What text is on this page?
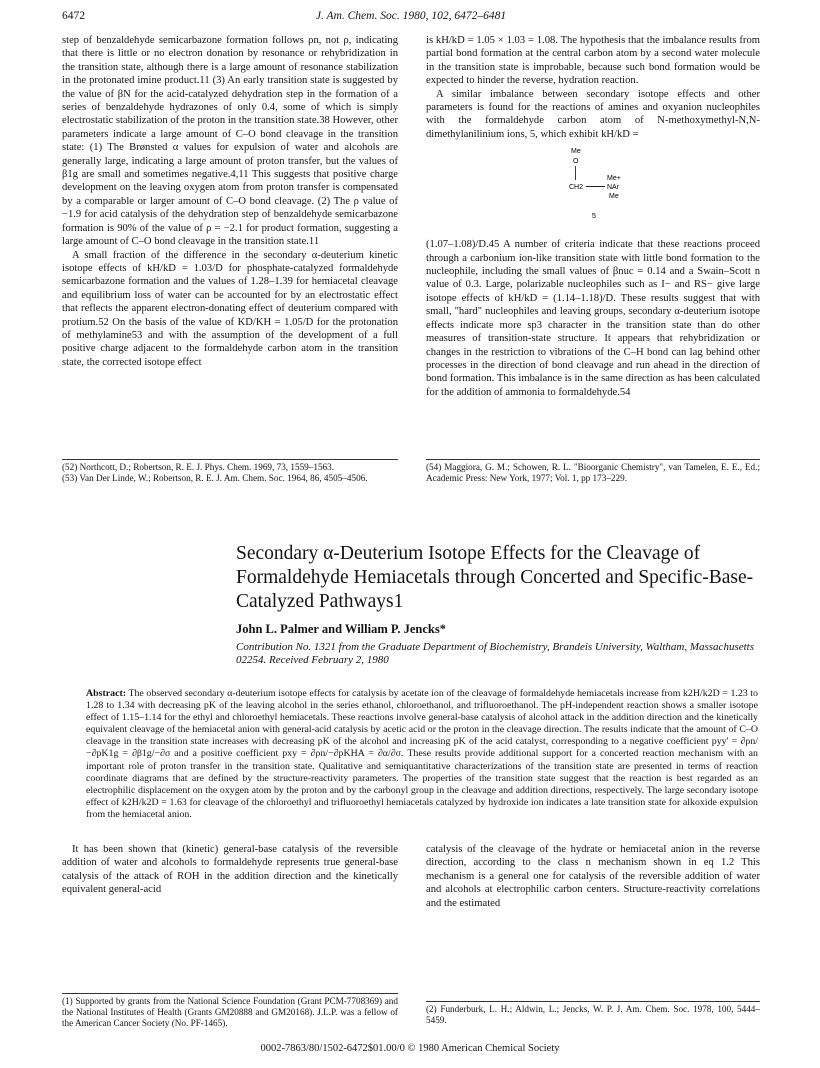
6472	J. Am. Chem. Soc. 1980, 102, 6472–6481

step of benzaldehyde semicarbazone formation follows ρn, not ρ, indicating that there is little or no electron donation by resonance or rehybridization in the transition state, although there is a large amount of resonance stabilization in the protonated imine product.11 (3) An early transition state is suggested by the value of βN for the acid-catalyzed dehydration step in the formation of a series of benzaldehyde hydrazones of only 0.4, some of which is simply electrostatic stabilization of the proton in the transition state.38 However, other parameters indicate a large amount of C–O bond cleavage in the transition state: (1) The Brønsted α values for expulsion of water and alcohols are generally large, indicating a large amount of proton transfer, but the values of β1g are small and sometimes negative.4,11 This suggests that positive charge development on the leaving oxygen atom from proton transfer is compensated by a comparable or larger amount of C–O bond cleavage. (2) The ρ value of −1.9 for acid catalysis of the dehydration step of benzaldehyde semicarbazone formation is 90% of the value of ρ = −2.1 for product formation, suggesting a large amount of C–O bond cleavage in the transition state.11

A small fraction of the difference in the secondary α-deuterium kinetic isotope effects of kH/kD = 1.03/D for phosphate-catalyzed formaldehyde semicarbazone formation and the values of 1.28–1.39 for hemiacetal cleavage and equilibrium loss of water can be accounted for by an electrostatic effect that reflects the apparent electron-donating effect of deuterium compared with protium.52 On the basis of the value of KD/KH = 1.05/D for the protonation of methylamine53 and with the assumption of the development of a full positive charge adjacent to the formaldehyde carbon atom in the transition state, the corrected isotope effect

is kH/kD = 1.05 × 1.03 = 1.08. The hypothesis that the imbalance results from partial bond formation at the central carbon atom by a second water molecule in the transition state is improbable, because such bond formation would be expected to hinder the reverse, hydration reaction.

A similar imbalance between secondary isotope effects and other parameters is found for the reactions of amines and oxyanion nucleophiles with the formaldehyde carbon atom of N-methoxymethyl-N,N-dimethylanilinium ions, 5, which exhibit kH/kD =

Me
O
CH2
Me+
NAr
Me
5

(1.07–1.08)/D.45 A number of criteria indicate that these reactions proceed through a carbonium ion-like transition state with little bond formation to the nucleophile, including the small values of βnuc = 0.14 and a Swain–Scott n value of 0.3. Large, polarizable nucleophiles such as I− and RS− give large isotope effects of kH/kD = (1.14–1.18)/D. These results suggest that with small, "hard" nucleophiles and leaving groups, secondary α-deuterium isotope effects indicate more sp3 character in the transition state than do other measures of transition-state structure. It appears that rehybridization or changes in the restriction to vibrations of the C–H bond can lag behind other processes in the direction of bond cleavage and run ahead in the direction of bond formation. This imbalance is in the same direction as has been calculated for the addition of ammonia to formaldehyde.54

(52) Northcott, D.; Robertson, R. E. J. Phys. Chem. 1969, 73, 1559–1563.

(53) Van Der Linde, W.; Robertson, R. E. J. Am. Chem. Soc. 1964, 86, 4505–4506.

(54) Maggiora, G. M.; Schowen, R. L. "Bioorganic Chemistry", van Tamelen, E. E., Ed.; Academic Press: New York, 1977; Vol. 1, pp 173–229.

Secondary α-Deuterium Isotope Effects for the Cleavage of Formaldehyde Hemiacetals through Concerted and Specific-Base-Catalyzed Pathways1
John L. Palmer and William P. Jencks*
Contribution No. 1321 from the Graduate Department of Biochemistry, Brandeis University, Waltham, Massachusetts 02254. Received February 2, 1980
Abstract: The observed secondary α-deuterium isotope effects for catalysis by acetate ion of the cleavage of formaldehyde hemiacetals increase from k2H/k2D = 1.23 to 1.28 to 1.34 with decreasing pK of the leaving alcohol in the series ethanol, chloroethanol, and trifluoroethanol. The pH-independent reaction shows a smaller isotope effect of 1.15–1.14 for the ethyl and chloroethyl hemiacetals. These reactions involve general-base catalysis of alcohol attack in the addition direction and the kinetically equivalent cleavage of the hemiacetal anion with general-acid catalysis by acetic acid or the proton in the cleavage direction. The results indicate that the amount of C–O cleavage in the transition state increases with decreasing pK of the alcohol and increasing pK of the acid catalyst, corresponding to a negative coefficient pyy' = ∂ρn/−∂pK1g = ∂β1g/−∂σ and a positive coefficient pxy = ∂ρn/−∂pKHA = ∂α/∂σ. These results provide additional support for a concerted reaction mechanism with an important role of proton transfer in the transition state. Qualitative and semiquantitative characterizations of the transition state are presented in terms of reaction coordinate diagrams that are defined by the structure-reactivity parameters. The properties of the transition state suggest that the reaction is best regarded as an electrophilic displacement on the oxygen atom by the proton and by the carbonyl group in the cleavage and addition directions, respectively. The large secondary isotope effect of k2H/k2D = 1.63 for cleavage of the chloroethyl and trifluoroethyl hemiacetals catalyzed by hydroxide ion indicates a late transition state for alkoxide expulsion from the hemiacetal anion.

It has been shown that (kinetic) general-base catalysis of the reversible addition of water and alcohols to formaldehyde represents true general-base catalysis of the attack of ROH in the addition direction and the kinetically equivalent general-acid

catalysis of the cleavage of the hydrate or hemiacetal anion in the reverse direction, according to the class n mechanism shown in eq 1.2 This mechanism is a general one for catalysis of the reversible addition of water and alcohols at electrophilic carbon centers. Structure-reactivity correlations and the estimated

(1) Supported by grants from the National Science Foundation (Grant PCM-7708369) and the National Institutes of Health (Grants GM20888 and GM20168). J.L.P. was a fellow of the American Cancer Society (No. PF-1465).

(2) Funderburk, L. H.; Aldwin, L.; Jencks, W. P. J. Am. Chem. Soc. 1978, 100, 5444–5459.

0002-7863/80/1502-6472$01.00/0 © 1980 American Chemical Society
